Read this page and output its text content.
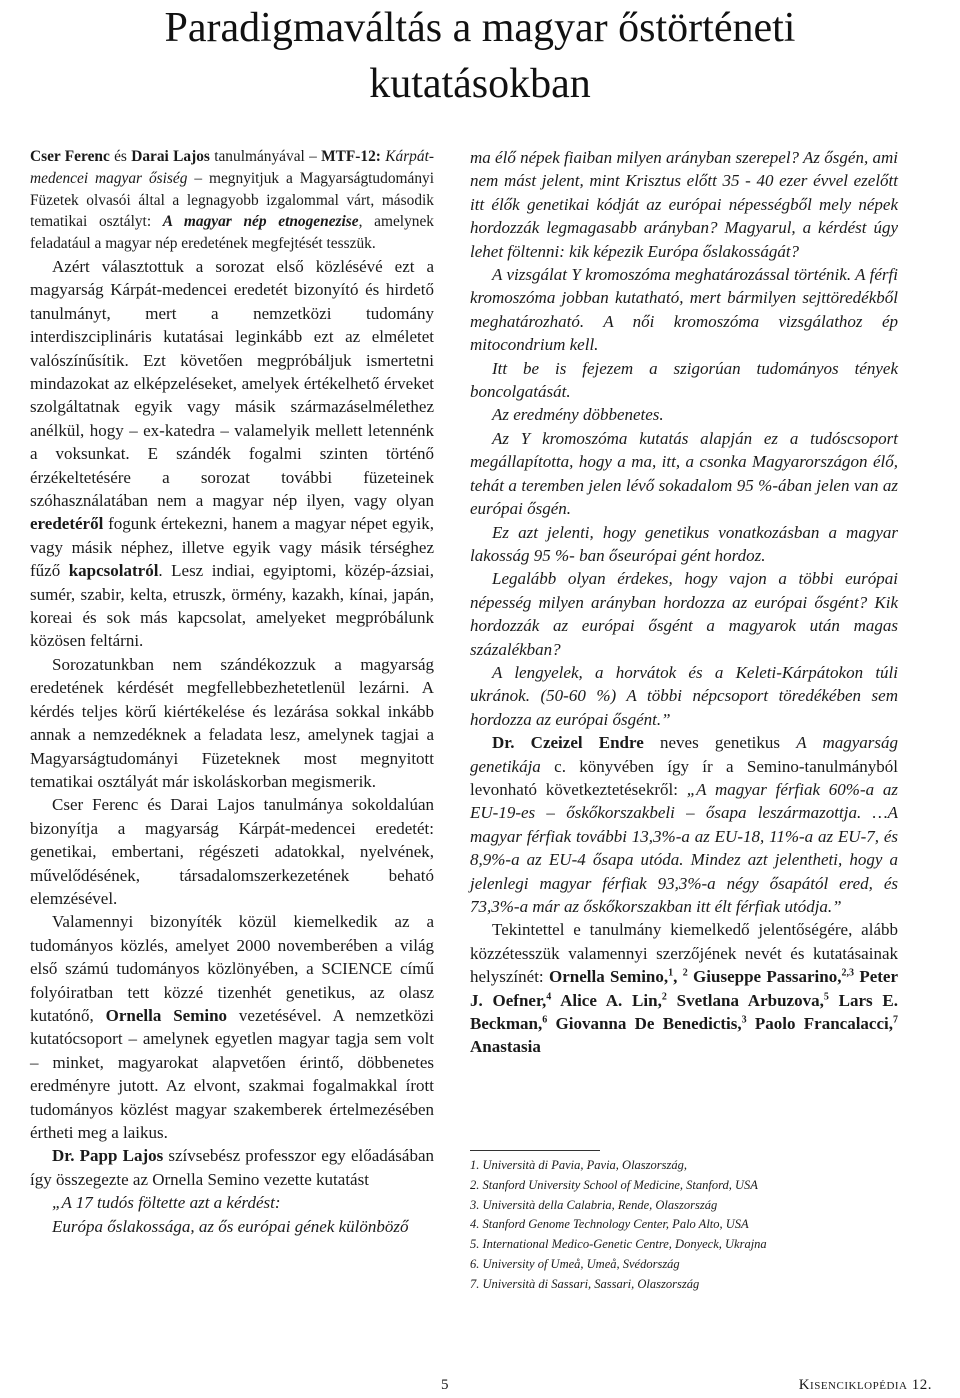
Paradigmaváltás a magyar őstörténeti
kutatásokban

Cser Ferenc és Darai Lajos tanulmányával – MTF-12: Kárpát-medencei magyar ősiség – megnyitjuk a Magyarságtudományi Füzetek olvasói által a legnagyobb izgalommal várt, második tematikai osztályt: A magyar nép etnogenezise, amelynek feladatául a magyar nép eredetének megfejtését tesszük.

Azért választottuk a sorozat első közlésévé ezt a magyarság Kárpát-medencei eredetét bizonyító és hirdető tanulmányt, mert a nemzetközi tudomány interdiszciplináris kutatásai leginkább ezt az elméletet valószínűsítik. Ezt követően megpróbáljuk ismertetni mindazokat az elképzeléseket, amelyek értékelhető érveket szolgáltatnak egyik vagy másik származáselmélethez anélkül, hogy – ex-katedra – valamelyik mellett letennénk a voksunkat. E szándék fogalmi szinten történő érzékeltetésére a sorozat további füzeteinek szóhasználatában nem a magyar nép ilyen, vagy olyan eredetéről fogunk értekezni, hanem a magyar népet egyik, vagy másik néphez, illetve egyik vagy másik térséghez fűző kapcsolatról. Lesz indiai, egyiptomi, közép-ázsiai, sumér, szabir, kelta, etruszk, örmény, kazakh, kínai, japán, koreai és sok más kapcsolat, amelyeket megpróbálunk közösen feltárni.

Sorozatunkban nem szándékozzuk a magyarság eredetének kérdését megfellebbezhetetlenül lezárni. A kérdés teljes körű kiértékelése és lezárása sokkal inkább annak a nemzedéknek a feladata lesz, amelynek tagjai a Magyarságtudományi Füzeteknek most megnyitott tematikai osztályát már iskoláskorban megismerik.

Cser Ferenc és Darai Lajos tanulmánya sokoldalúan bizonyítja a magyarság Kárpát-medencei eredetét: genetikai, embertani, régészeti adatokkal, nyelvének, művelődésének, társadalomszerkezetének beható elemzésével.

Valamennyi bizonyíték közül kiemelkedik az a tudományos közlés, amelyet 2000 novemberében a világ első számú tudományos közlönyében, a SCIENCE című folyóiratban tett közzé tizenhét genetikus, az olasz kutatónő, Ornella Semino vezetésével. A nemzetközi kutatócsoport – amelynek egyetlen magyar tagja sem volt – minket, magyarokat alapvetően érintő, döbbenetes eredményre jutott. Az elvont, szakmai fogalmakkal írott tudományos közlést magyar szakemberek értelmezésében értheti meg a laikus.

Dr. Papp Lajos szívsebész professzor egy előadásában így összegezte az Ornella Semino vezette kutatást

„A 17 tudós föltette azt a kérdést:

Európa őslakossága, az ős európai gének különböző

ma élő népek fiaiban milyen arányban szerepel? Az ősgén, ami nem mást jelent, mint Krisztus előtt 35 - 40 ezer évvel ezelőtt itt élők genetikai kódját az európai népességből mely népek hordozzák legmagasabb arányban? Magyarul, a kérdést úgy lehet föltenni: kik képezik Európa őslakosságát?

A vizsgálat Y kromoszóma meghatározással történik. A férfi kromoszóma jobban kutatható, mert bármilyen sejttöredékből meghatározható. A női kromoszóma vizsgálathoz ép mitocondrium kell.

Itt be is fejezem a szigorúan tudományos tények boncolgatását.

Az eredmény döbbenetes.

Az Y kromoszóma kutatás alapján ez a tudóscsoport megállapította, hogy a ma, itt, a csonka Magyarországon élő, tehát a teremben jelen lévő sokadalom 95 %-ában jelen van az európai ősgén.

Ez azt jelenti, hogy genetikus vonatkozásban a magyar lakosság 95 %- ban őseurópai gént hordoz.

Legalább olyan érdekes, hogy vajon a többi európai népesség milyen arányban hordozza az európai ősgént? Kik hordozzák az európai ősgént a magyarok után magas százalékban?

A lengyelek, a horvátok és a Keleti-Kárpátokon túli ukránok. (50-60 %) A többi népcsoport töredékében sem hordozza az európai ősgént.”

Dr. Czeizel Endre neves genetikus A magyarság genetikája c. könyvében így ír a Semino-tanulmányból levonható következtetésekről: „A magyar férfiak 60%-a az EU-19-es – őskőkorszakbeli – ősapa leszármazottja. …A magyar férfiak további 13,3%-a az EU-18, 11%-a az EU-7, és 8,9%-a az EU-4 ősapa utóda. Mindez azt jelentheti, hogy a jelenlegi magyar férfiak 93,3%-a négy ősapától ered, és 73,3%-a már az őskőkorszakban itt élt férfiak utódja.”

Tekintettel e tanulmány kiemelkedő jelentőségére, alább közzétesszük valamennyi szerzőjének nevét és kutatásainak helyszínét: Ornella Semino,$^1$, $^2$ Giuseppe Passarino,$^{2,3}$ Peter J. Oefner,$^4$ Alice A. Lin,$^2$ Svetlana Arbuzova,$^5$ Lars E. Beckman,$^6$ Giovanna De Benedictis,$^3$ Paolo Francalacci,$^7$ Anastasia

1. Università di Pavia, Pavia, Olaszország,
2. Stanford University School of Medicine, Stanford, USA
3. Università della Calabria, Rende, Olaszország
4. Stanford Genome Technology Center, Palo Alto, USA
5. International Medico-Genetic Centre, Donyeck, Ukrajna
6. University of Umeå, Umeå, Svédország
7. Università di Sassari, Sassari, Olaszország
5	Kisenciklopédia 12.
